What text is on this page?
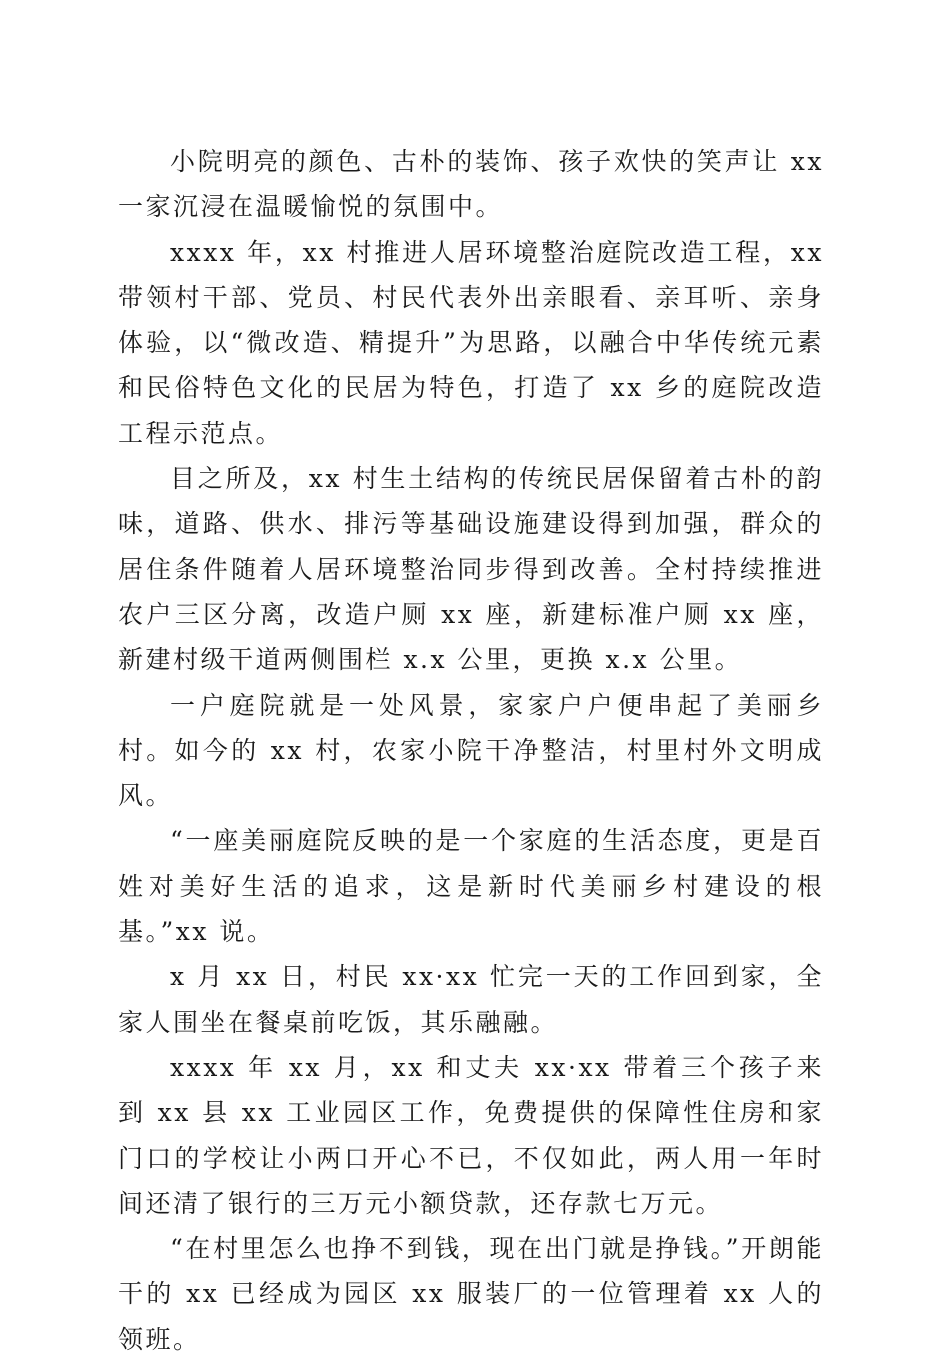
小院明亮的颜色、古朴的装饰、孩子欢快的笑声让 xx 一家沉浸在温暖愉悦的氛围中。

xxxx 年，xx 村推进人居环境整治庭院改造工程，xx 带领村干部、党员、村民代表外出亲眼看、亲耳听、亲身体验，以“微改造、精提升”为思路，以融合中华传统元素和民俗特色文化的民居为特色，打造了 xx 乡的庭院改造工程示范点。

目之所及，xx 村生土结构的传统民居保留着古朴的韵味，道路、供水、排污等基础设施建设得到加强，群众的居住条件随着人居环境整治同步得到改善。全村持续推进农户三区分离，改造户厕 xx 座，新建标准户厕 xx 座，新建村级干道两侧围栏 x.x 公里，更换 x.x 公里。

一户庭院就是一处风景，家家户户便串起了美丽乡村。如今的 xx 村，农家小院干净整洁，村里村外文明成风。

“一座美丽庭院反映的是一个家庭的生活态度，更是百姓对美好生活的追求，这是新时代美丽乡村建设的根基。”xx 说。

x 月 xx 日，村民 xx·xx 忙完一天的工作回到家，全家人围坐在餐桌前吃饭，其乐融融。

xxxx 年 xx 月，xx 和丈夫 xx·xx 带着三个孩子来到 xx 县 xx 工业园区工作，免费提供的保障性住房和家门口的学校让小两口开心不已，不仅如此，两人用一年时间还清了银行的三万元小额贷款，还存款七万元。

“在村里怎么也挣不到钱，现在出门就是挣钱。”开朗能干的 xx 已经成为园区 xx 服装厂的一位管理着 xx 人的领班。
